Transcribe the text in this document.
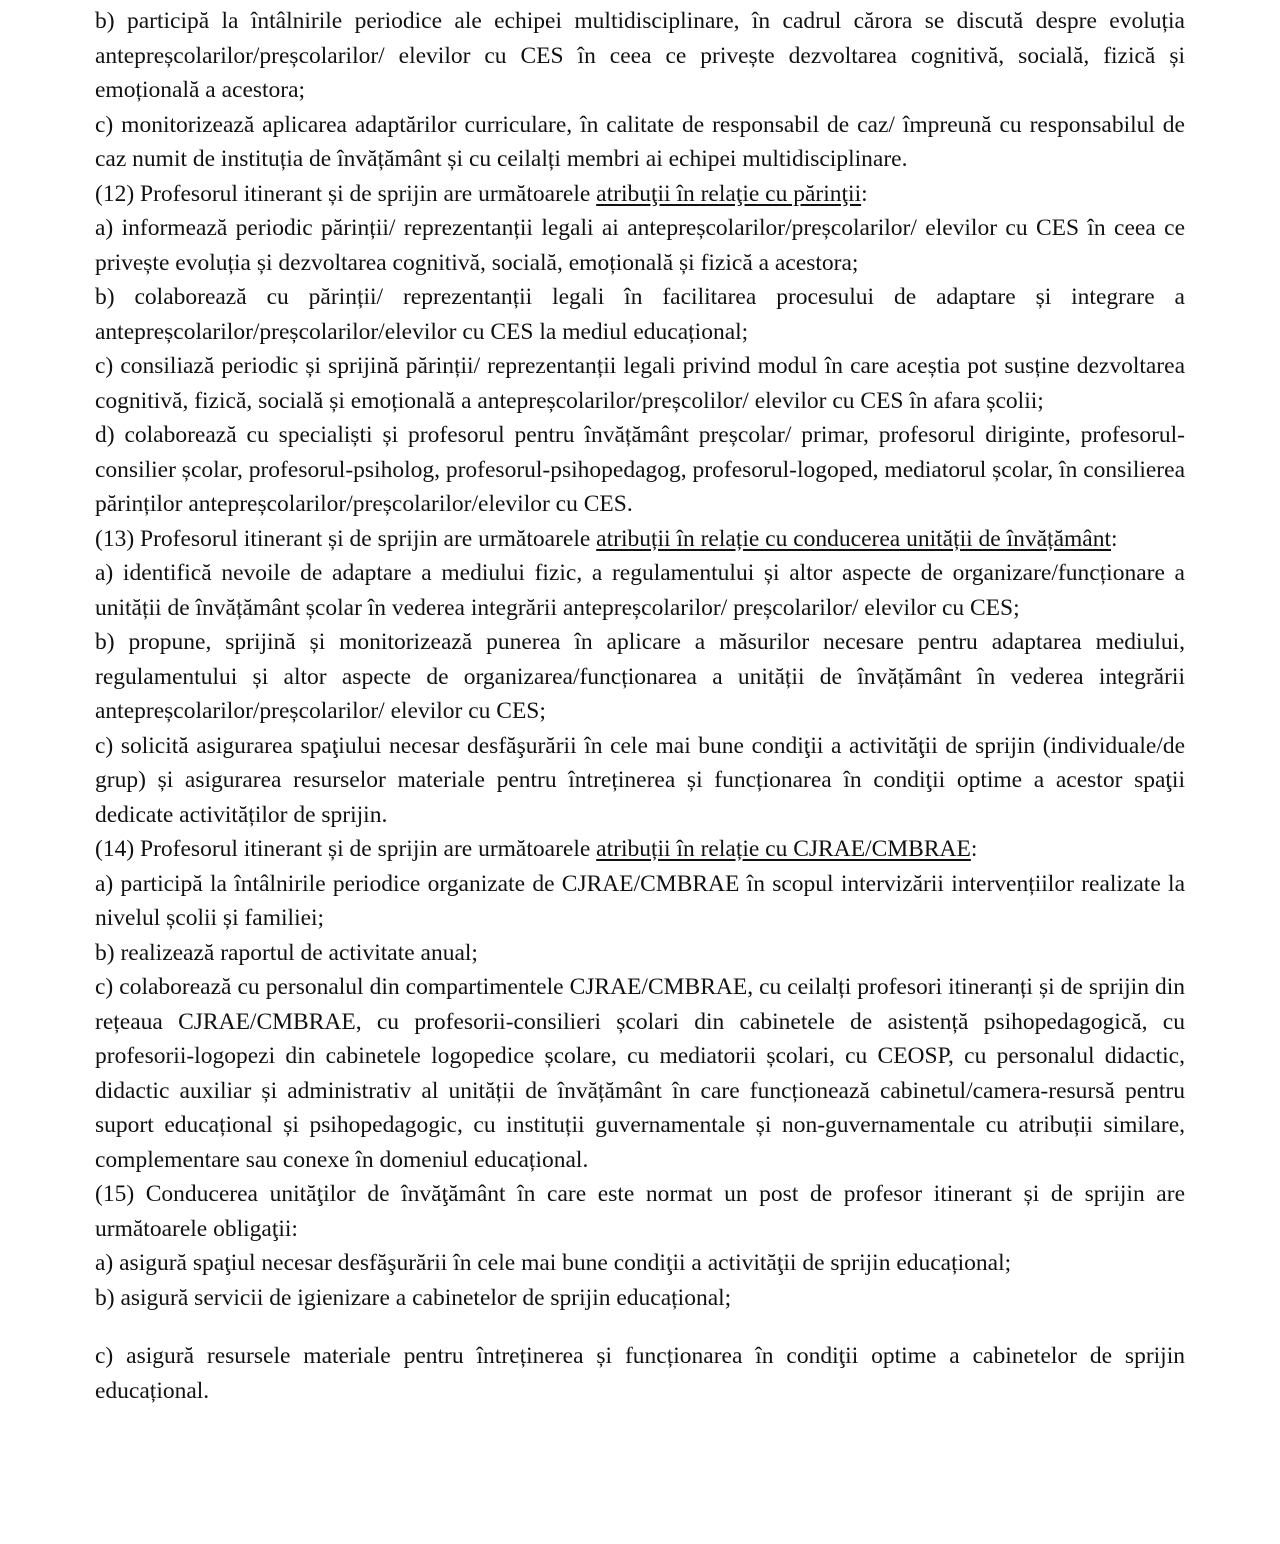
b) participă la întâlnirile periodice ale echipei multidisciplinare, în cadrul cărora se discută despre evoluția antepreșcolarilor/preșcolarilor/ elevilor cu CES în ceea ce privește dezvoltarea cognitivă, socială, fizică și emoțională a acestora;

c) monitorizează aplicarea adaptărilor curriculare, în calitate de responsabil de caz/ împreună cu responsabilul de caz numit de instituția de învățământ și cu ceilalți membri ai echipei multidisciplinare.

(12) Profesorul itinerant și de sprijin are următoarele atribuţii în relaţie cu părinţii:

a) informează periodic părinții/ reprezentanții legali ai antepreșcolarilor/preșcolarilor/ elevilor cu CES în ceea ce privește evoluția și dezvoltarea cognitivă, socială, emoțională și fizică a acestora;

b) colaborează cu părinții/ reprezentanții legali în facilitarea procesului de adaptare și integrare a antepreșcolarilor/preșcolarilor/elevilor cu CES la mediul educațional;

c) consiliază periodic și sprijină părinții/ reprezentanții legali privind modul în care aceștia pot susține dezvoltarea cognitivă, fizică, socială și emoțională a antepreșcolarilor/preșcolilor/ elevilor cu CES în afara școlii;

d) colaborează cu specialiști și profesorul pentru învățământ preșcolar/ primar, profesorul diriginte, profesorul-consilier școlar, profesorul-psiholog, profesorul-psihopedagog, profesorul-logoped, mediatorul școlar, în consilierea părinților antepreșcolarilor/preșcolarilor/elevilor cu CES.

(13) Profesorul itinerant și de sprijin are următoarele atribuții în relație cu conducerea unității de învățământ:

a) identifică nevoile de adaptare a mediului fizic, a regulamentului și altor aspecte de organizare/funcționare a unității de învățământ școlar în vederea integrării antepreșcolarilor/ preșcolarilor/ elevilor cu CES;

b) propune, sprijină și monitorizează punerea în aplicare a măsurilor necesare pentru adaptarea mediului, regulamentului și altor aspecte de organizarea/funcționarea a unității de învățământ în vederea integrării antepreșcolarilor/preșcolarilor/ elevilor cu CES;

c) solicită asigurarea spaţiului necesar desfăşurării în cele mai bune condiţii a activităţii de sprijin (individuale/de grup) și asigurarea resurselor materiale pentru întreținerea și funcționarea în condiţii optime a acestor spaţii dedicate activităților de sprijin.

(14) Profesorul itinerant și de sprijin are următoarele atribuții în relație cu CJRAE/CMBRAE:

a) participă la întâlnirile periodice organizate de CJRAE/CMBRAE în scopul intervizării intervențiilor realizate la nivelul școlii și familiei;

b) realizează raportul de activitate anual;

c) colaborează cu personalul din compartimentele CJRAE/CMBRAE, cu ceilalți profesori itineranți și de sprijin din rețeaua CJRAE/CMBRAE, cu profesorii-consilieri școlari din cabinetele de asistență psihopedagogică, cu profesorii-logopezi din cabinetele logopedice școlare, cu mediatorii școlari, cu CEOSP, cu personalul didactic, didactic auxiliar și administrativ al unității de învățământ în care funcționează cabinetul/camera-resursă pentru suport educațional și psihopedagogic, cu instituții guvernamentale și non-guvernamentale cu atribuții similare, complementare sau conexe în domeniul educațional.

(15) Conducerea unităţilor de învăţământ în care este normat un post de profesor itinerant și de sprijin are următoarele obligaţii:

a) asigură spaţiul necesar desfăşurării în cele mai bune condiţii a activităţii de sprijin educațional;

b) asigură servicii de igienizare a cabinetelor de sprijin educațional;

c) asigură resursele materiale pentru întreținerea și funcționarea în condiţii optime a cabinetelor de sprijin educațional.
